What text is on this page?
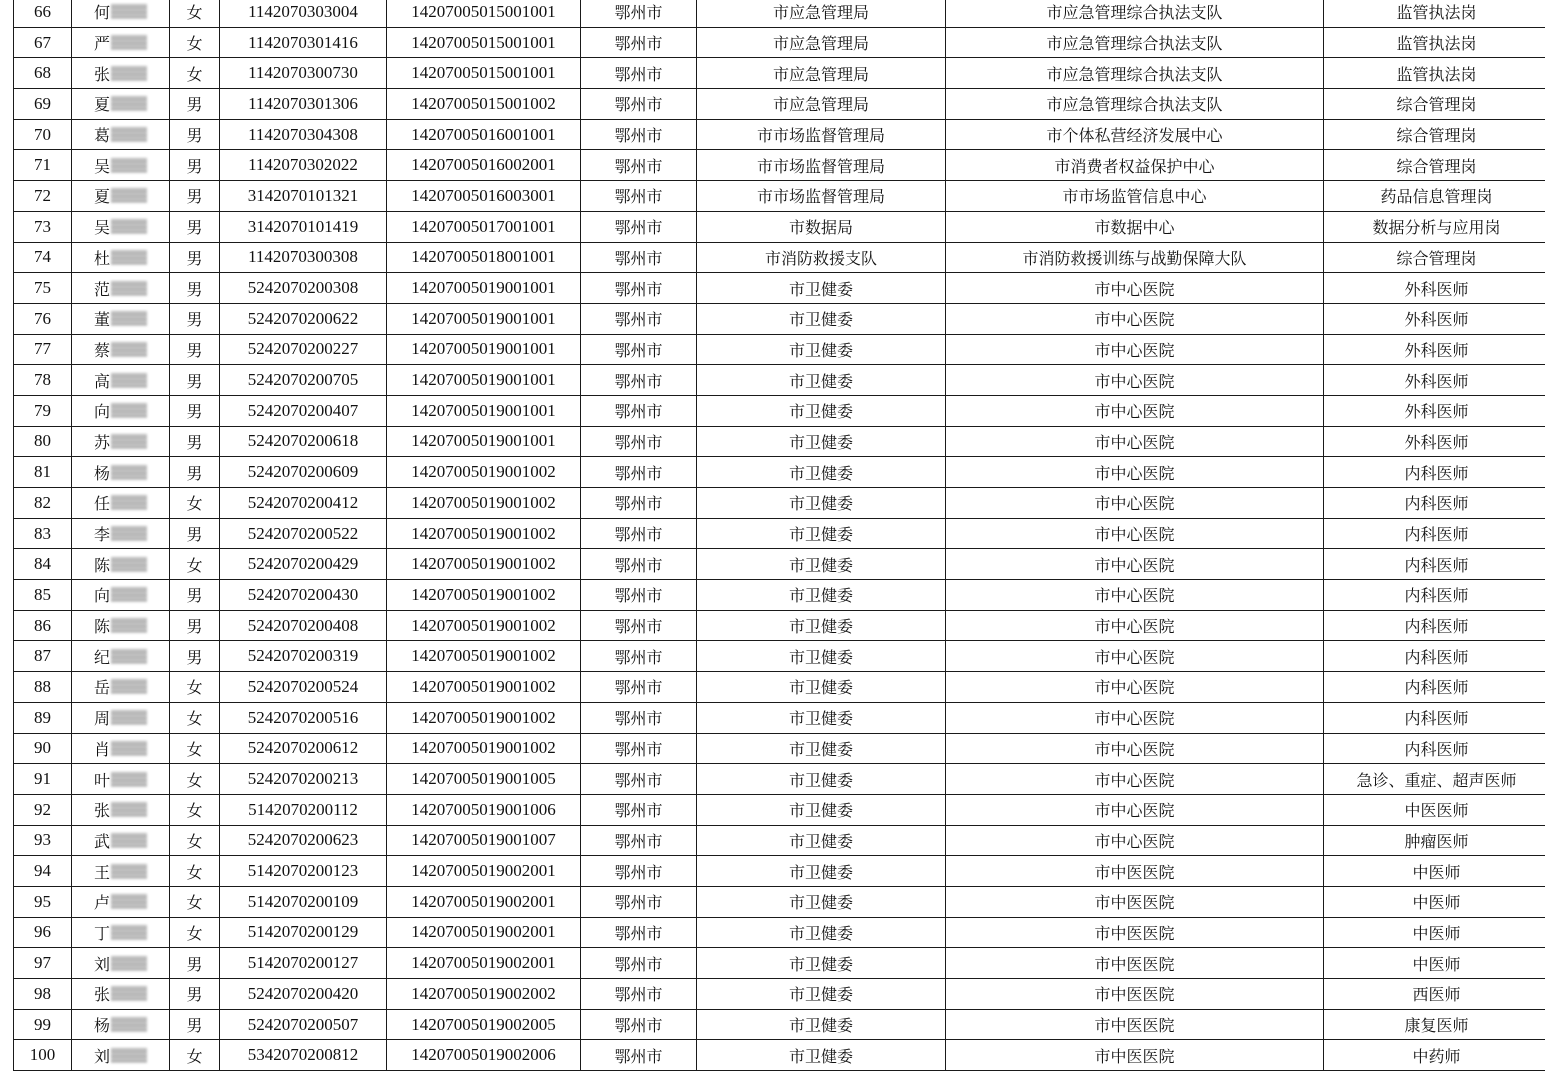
66	何	女	1142070303004	14207005015001001	鄂州市	市应急管理局	市应急管理综合执法支队	监管执法岗
67	严	女	1142070301416	14207005015001001	鄂州市	市应急管理局	市应急管理综合执法支队	监管执法岗
68	张	女	1142070300730	14207005015001001	鄂州市	市应急管理局	市应急管理综合执法支队	监管执法岗
69	夏	男	1142070301306	14207005015001002	鄂州市	市应急管理局	市应急管理综合执法支队	综合管理岗
70	葛	男	1142070304308	14207005016001001	鄂州市	市市场监督管理局	市个体私营经济发展中心	综合管理岗
71	吴	男	1142070302022	14207005016002001	鄂州市	市市场监督管理局	市消费者权益保护中心	综合管理岗
72	夏	男	3142070101321	14207005016003001	鄂州市	市市场监督管理局	市市场监管信息中心	药品信息管理岗
73	吴	男	3142070101419	14207005017001001	鄂州市	市数据局	市数据中心	数据分析与应用岗
74	杜	男	1142070300308	14207005018001001	鄂州市	市消防救援支队	市消防救援训练与战勤保障大队	综合管理岗
75	范	男	5242070200308	14207005019001001	鄂州市	市卫健委	市中心医院	外科医师
76	董	男	5242070200622	14207005019001001	鄂州市	市卫健委	市中心医院	外科医师
77	蔡	男	5242070200227	14207005019001001	鄂州市	市卫健委	市中心医院	外科医师
78	高	男	5242070200705	14207005019001001	鄂州市	市卫健委	市中心医院	外科医师
79	向	男	5242070200407	14207005019001001	鄂州市	市卫健委	市中心医院	外科医师
80	苏	男	5242070200618	14207005019001001	鄂州市	市卫健委	市中心医院	外科医师
81	杨	男	5242070200609	14207005019001002	鄂州市	市卫健委	市中心医院	内科医师
82	任	女	5242070200412	14207005019001002	鄂州市	市卫健委	市中心医院	内科医师
83	李	男	5242070200522	14207005019001002	鄂州市	市卫健委	市中心医院	内科医师
84	陈	女	5242070200429	14207005019001002	鄂州市	市卫健委	市中心医院	内科医师
85	向	男	5242070200430	14207005019001002	鄂州市	市卫健委	市中心医院	内科医师
86	陈	男	5242070200408	14207005019001002	鄂州市	市卫健委	市中心医院	内科医师
87	纪	男	5242070200319	14207005019001002	鄂州市	市卫健委	市中心医院	内科医师
88	岳	女	5242070200524	14207005019001002	鄂州市	市卫健委	市中心医院	内科医师
89	周	女	5242070200516	14207005019001002	鄂州市	市卫健委	市中心医院	内科医师
90	肖	女	5242070200612	14207005019001002	鄂州市	市卫健委	市中心医院	内科医师
91	叶	女	5242070200213	14207005019001005	鄂州市	市卫健委	市中心医院	急诊、重症、超声医师
92	张	女	5142070200112	14207005019001006	鄂州市	市卫健委	市中心医院	中医医师
93	武	女	5242070200623	14207005019001007	鄂州市	市卫健委	市中心医院	肿瘤医师
94	王	女	5142070200123	14207005019002001	鄂州市	市卫健委	市中医医院	中医师
95	卢	女	5142070200109	14207005019002001	鄂州市	市卫健委	市中医医院	中医师
96	丁	女	5142070200129	14207005019002001	鄂州市	市卫健委	市中医医院	中医师
97	刘	男	5142070200127	14207005019002001	鄂州市	市卫健委	市中医医院	中医师
98	张	男	5242070200420	14207005019002002	鄂州市	市卫健委	市中医医院	西医师
99	杨	男	5242070200507	14207005019002005	鄂州市	市卫健委	市中医医院	康复医师
100	刘	女	5342070200812	14207005019002006	鄂州市	市卫健委	市中医医院	中药师
